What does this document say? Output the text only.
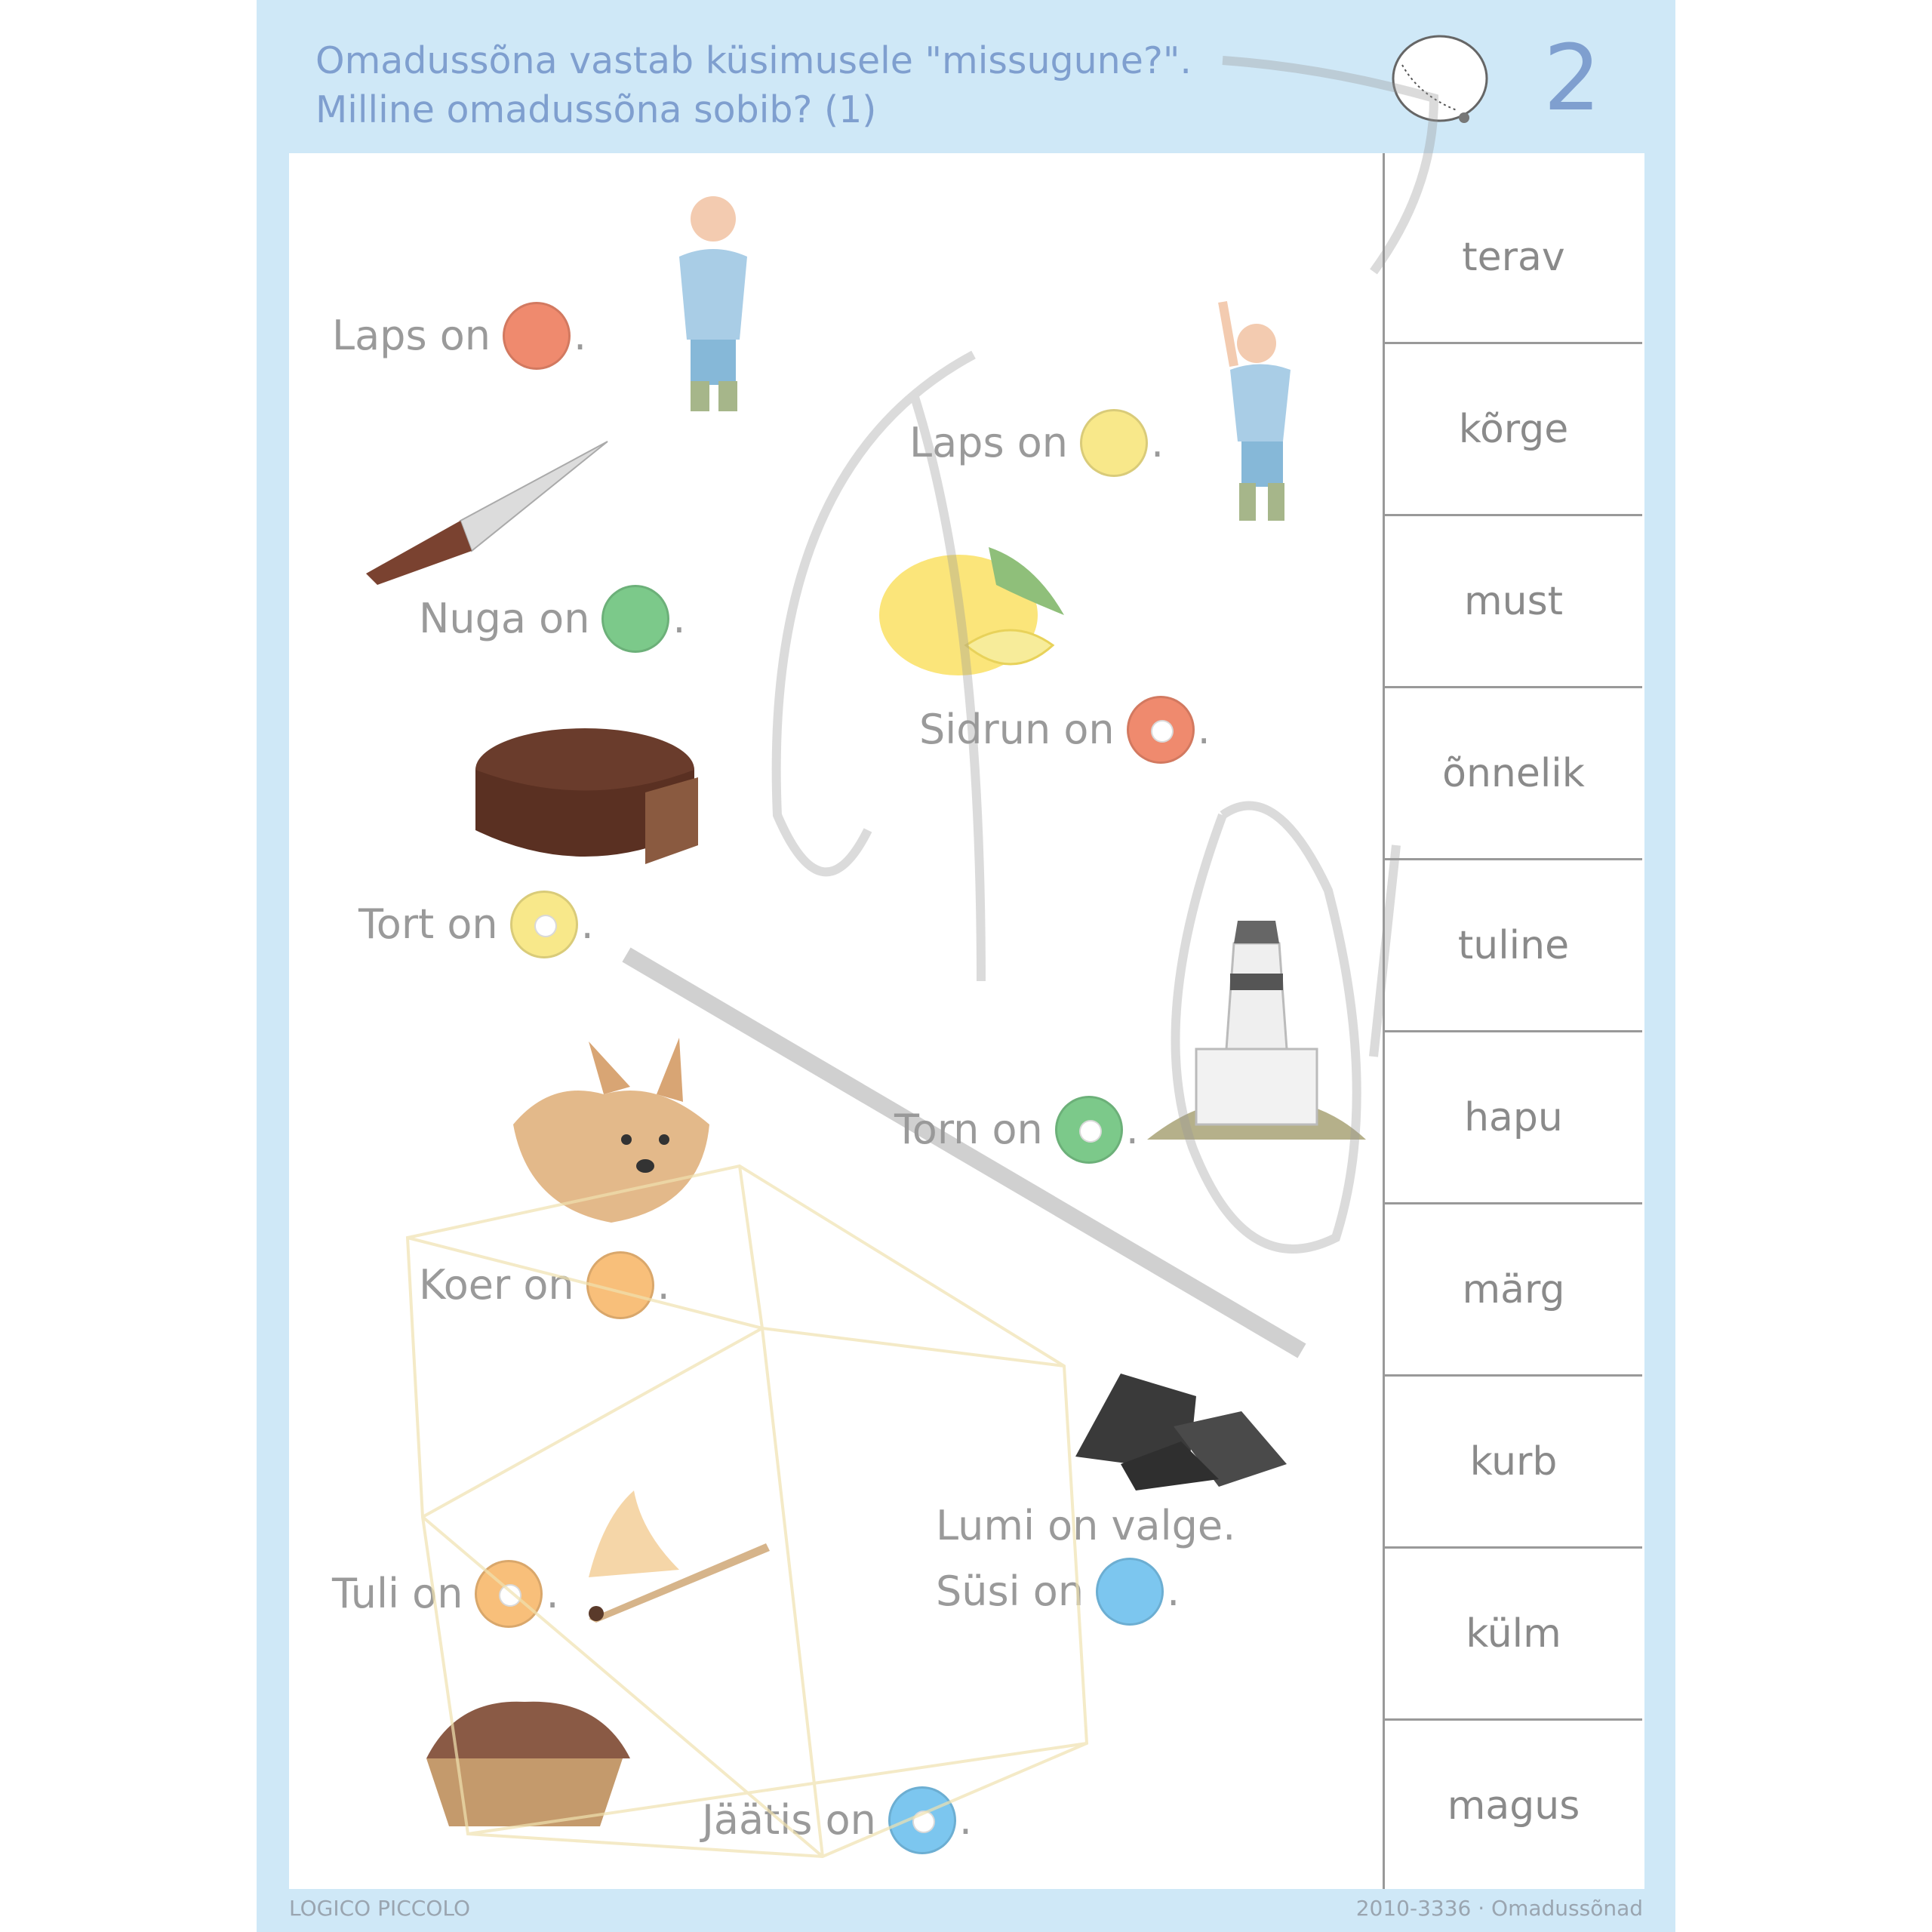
Omadussõna vastab küsimusele "missugune?".
Milline omadussõna sobib? (1)	2
terav
kõrge
must
õnnelik
tuline
hapu
märg
kurb
külm
magus
Laps on .
Laps on .
Nuga on .
Sidrun on .
Tort on .
Torn on .
Koer on .
Lumi on valge.
Tuli on .	Süsi on .
Jäätis on .
LOGICO PICCOLO	2010-3336 · Omadussõnad
